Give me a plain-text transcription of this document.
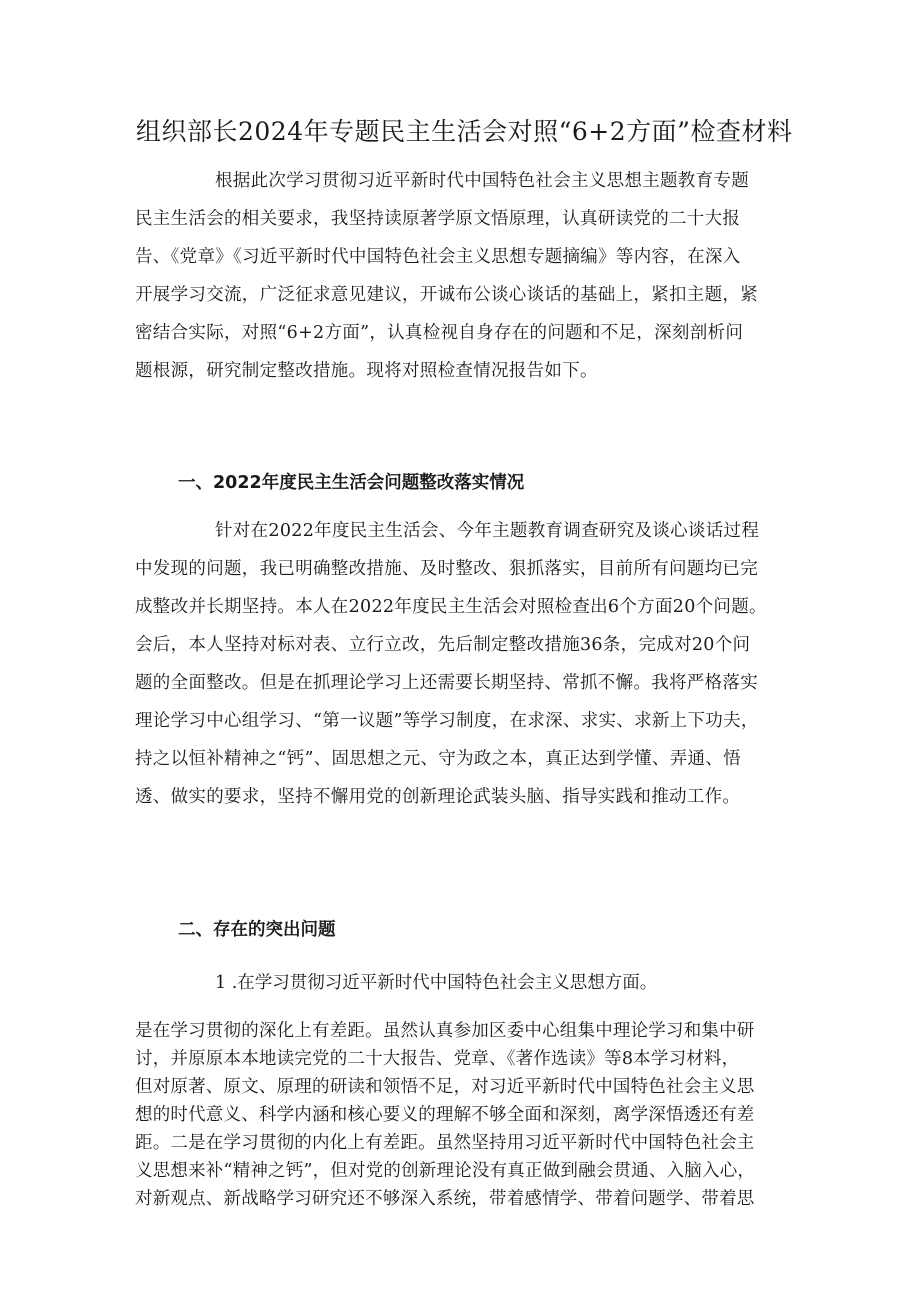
组织部长2024年专题民主生活会对照“6+2方面”检查材料
根据此次学习贯彻习近平新时代中国特色社会主义思想主题教育专题
民主生活会的相关要求，我坚持读原著学原文悟原理，认真研读党的二十大报
告、《党章》《习近平新时代中国特色社会主义思想专题摘编》等内容，在深入
开展学习交流，广泛征求意见建议，开诚布公谈心谈话的基础上，紧扣主题，紧
密结合实际，对照“6+2方面”，认真检视自身存在的问题和不足，深刻剖析问
题根源，研究制定整改措施。现将对照检查情况报告如下。
一、2022年度民主生活会问题整改落实情况
针对在2022年度民主生活会、今年主题教育调查研究及谈心谈话过程
中发现的问题，我已明确整改措施、及时整改、狠抓落实，目前所有问题均已完
成整改并长期坚持。本人在2022年度民主生活会对照检查出6个方面20个问题。
会后，本人坚持对标对表、立行立改，先后制定整改措施36条，完成对20个问
题的全面整改。但是在抓理论学习上还需要长期坚持、常抓不懈。我将严格落实
理论学习中心组学习、“第一议题”等学习制度，在求深、求实、求新上下功夫，
持之以恒补精神之“钙”、固思想之元、守为政之本，真正达到学懂、弄通、悟
透、做实的要求，坚持不懈用党的创新理论武装头脑、指导实践和推动工作。
二、存在的突出问题
1 .在学习贯彻习近平新时代中国特色社会主义思想方面。
是在学习贯彻的深化上有差距。虽然认真参加区委中心组集中理论学习和集中研
讨，并原原本本地读完党的二十大报告、党章、《著作选读》等8本学习材料，
但对原著、原文、原理的研读和领悟不足，对习近平新时代中国特色社会主义思
想的时代意义、科学内涵和核心要义的理解不够全面和深刻，离学深悟透还有差
距。二是在学习贯彻的内化上有差距。虽然坚持用习近平新时代中国特色社会主
义思想来补“精神之钙”，但对党的创新理论没有真正做到融会贯通、入脑入心，
对新观点、新战略学习研究还不够深入系统，带着感情学、带着问题学、带着思
